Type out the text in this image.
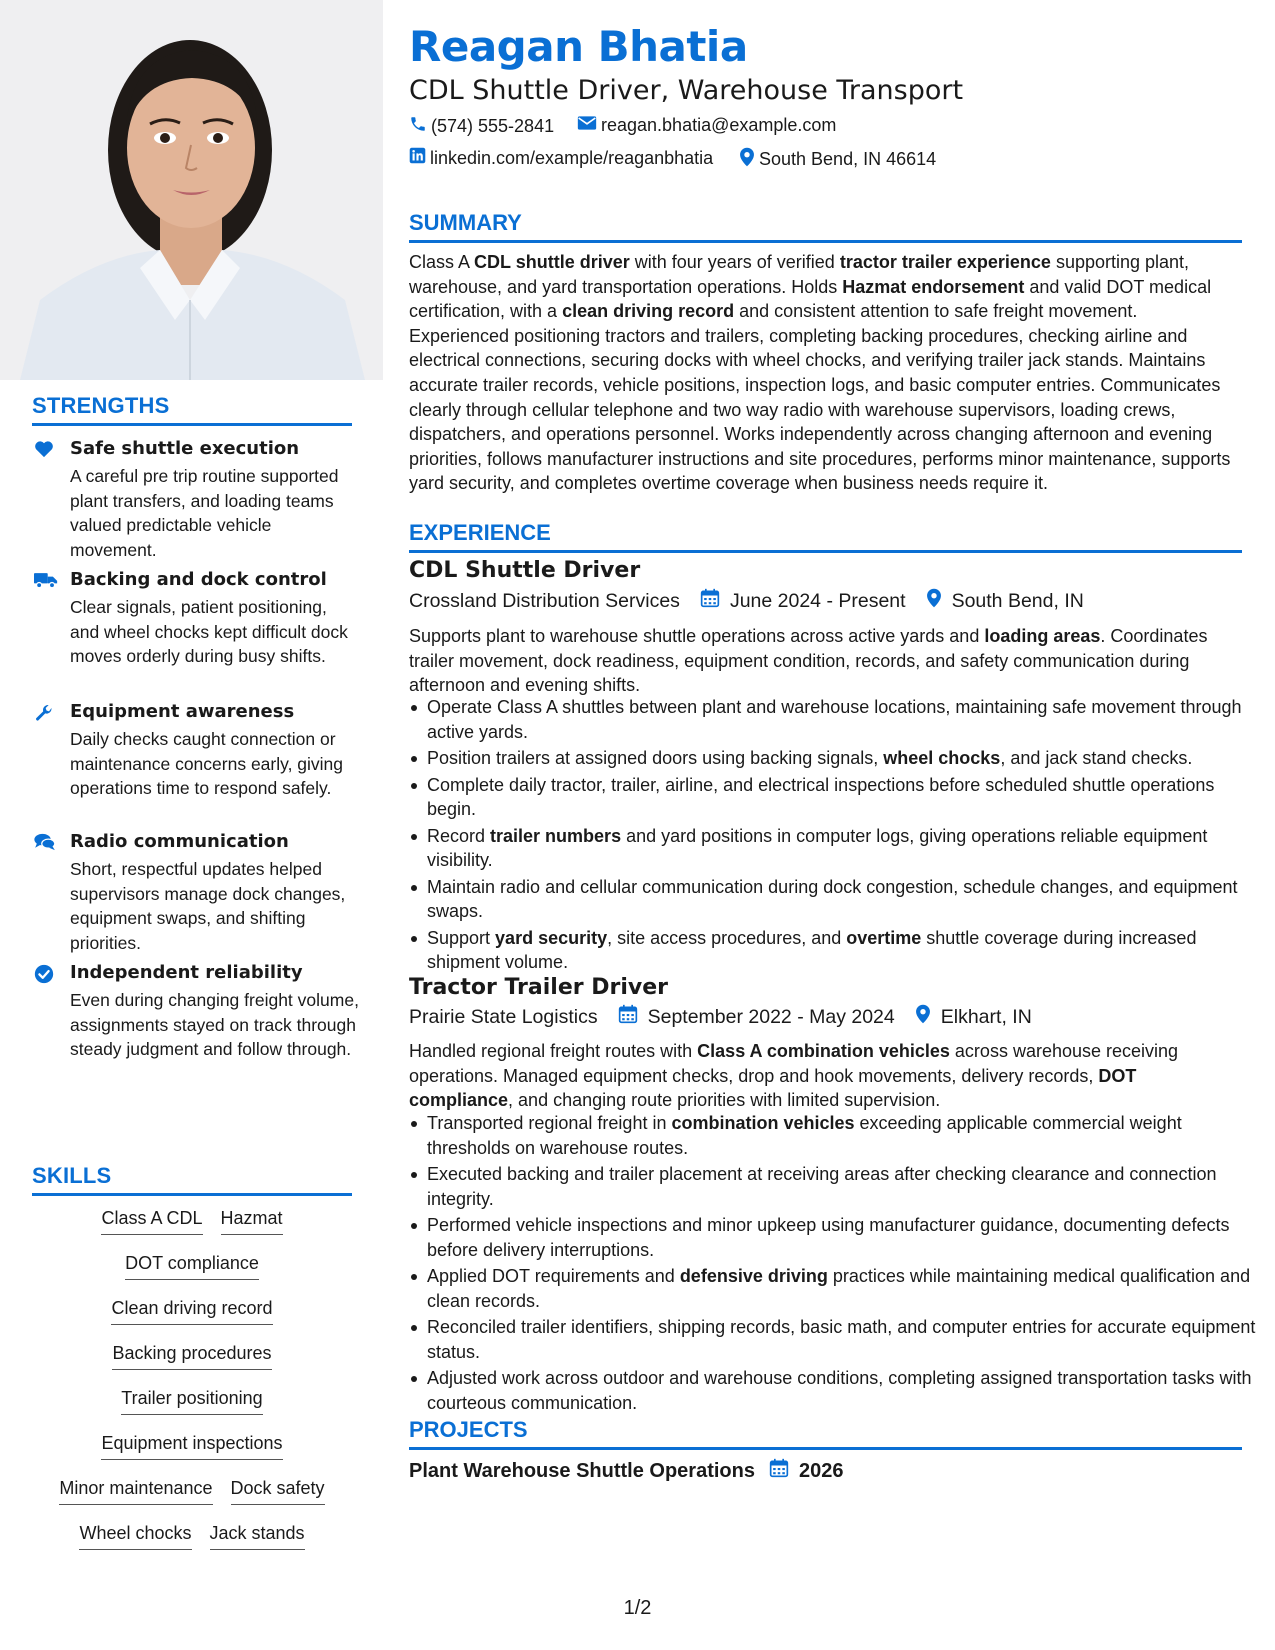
STRENGTHS
Safe shuttle execution
A careful pre trip routine supported plant transfers, and loading teams valued predictable vehicle movement.
Backing and dock control
Clear signals, patient positioning, and wheel chocks kept difficult dock moves orderly during busy shifts.
Equipment awareness
Daily checks caught connection or maintenance concerns early, giving operations time to respond safely.
Radio communication
Short, respectful updates helped supervisors manage dock changes, equipment swaps, and shifting priorities.
Independent reliability
Even during changing freight volume, assignments stayed on track through steady judgment and follow through.
SKILLS
Class A CDL Hazmat
DOT compliance
Clean driving record
Backing procedures
Trailer positioning
Equipment inspections
Minor maintenance Dock safety
Wheel chocks Jack stands
Reagan Bhatia
CDL Shuttle Driver, Warehouse Transport
(574) 555-2841	reagan.bhatia@example.com
linkedin.com/example/reaganbhatia	South Bend, IN 46614
SUMMARY
Class A CDL shuttle driver with four years of verified tractor trailer experience supporting plant, warehouse, and yard transportation operations. Holds Hazmat endorsement and valid DOT medical certification, with a clean driving record and consistent attention to safe freight movement. Experienced positioning tractors and trailers, completing backing procedures, checking airline and electrical connections, securing docks with wheel chocks, and verifying trailer jack stands. Maintains accurate trailer records, vehicle positions, inspection logs, and basic computer entries. Communicates clearly through cellular telephone and two way radio with warehouse supervisors, loading crews, dispatchers, and operations personnel. Works independently across changing afternoon and evening priorities, follows manufacturer instructions and site procedures, performs minor maintenance, supports yard security, and completes overtime coverage when business needs require it.
EXPERIENCE
CDL Shuttle Driver
Crossland Distribution Services	June 2024 - Present South Bend, IN
Supports plant to warehouse shuttle operations across active yards and loading areas. Coordinates trailer movement, dock readiness, equipment condition, records, and safety communication during afternoon and evening shifts.
Operate Class A shuttles between plant and warehouse locations, maintaining safe movement through active yards.
Position trailers at assigned doors using backing signals, wheel chocks, and jack stand checks.
Complete daily tractor, trailer, airline, and electrical inspections before scheduled shuttle operations begin.
Record trailer numbers and yard positions in computer logs, giving operations reliable equipment visibility.
Maintain radio and cellular communication during dock congestion, schedule changes, and equipment swaps.
Support yard security, site access procedures, and overtime shuttle coverage during increased shipment volume.
Tractor Trailer Driver
Prairie State Logistics	September 2022 - May 2024 Elkhart, IN
Handled regional freight routes with Class A combination vehicles across warehouse receiving operations. Managed equipment checks, drop and hook movements, delivery records, DOT compliance, and changing route priorities with limited supervision.
Transported regional freight in combination vehicles exceeding applicable commercial weight thresholds on warehouse routes.
Executed backing and trailer placement at receiving areas after checking clearance and connection integrity.
Performed vehicle inspections and minor upkeep using manufacturer guidance, documenting defects before delivery interruptions.
Applied DOT requirements and defensive driving practices while maintaining medical qualification and clean records.
Reconciled trailer identifiers, shipping records, basic math, and computer entries for accurate equipment status.
Adjusted work across outdoor and warehouse conditions, completing assigned transportation tasks with courteous communication.
PROJECTS
Plant Warehouse Shuttle Operations 2026
1/2
